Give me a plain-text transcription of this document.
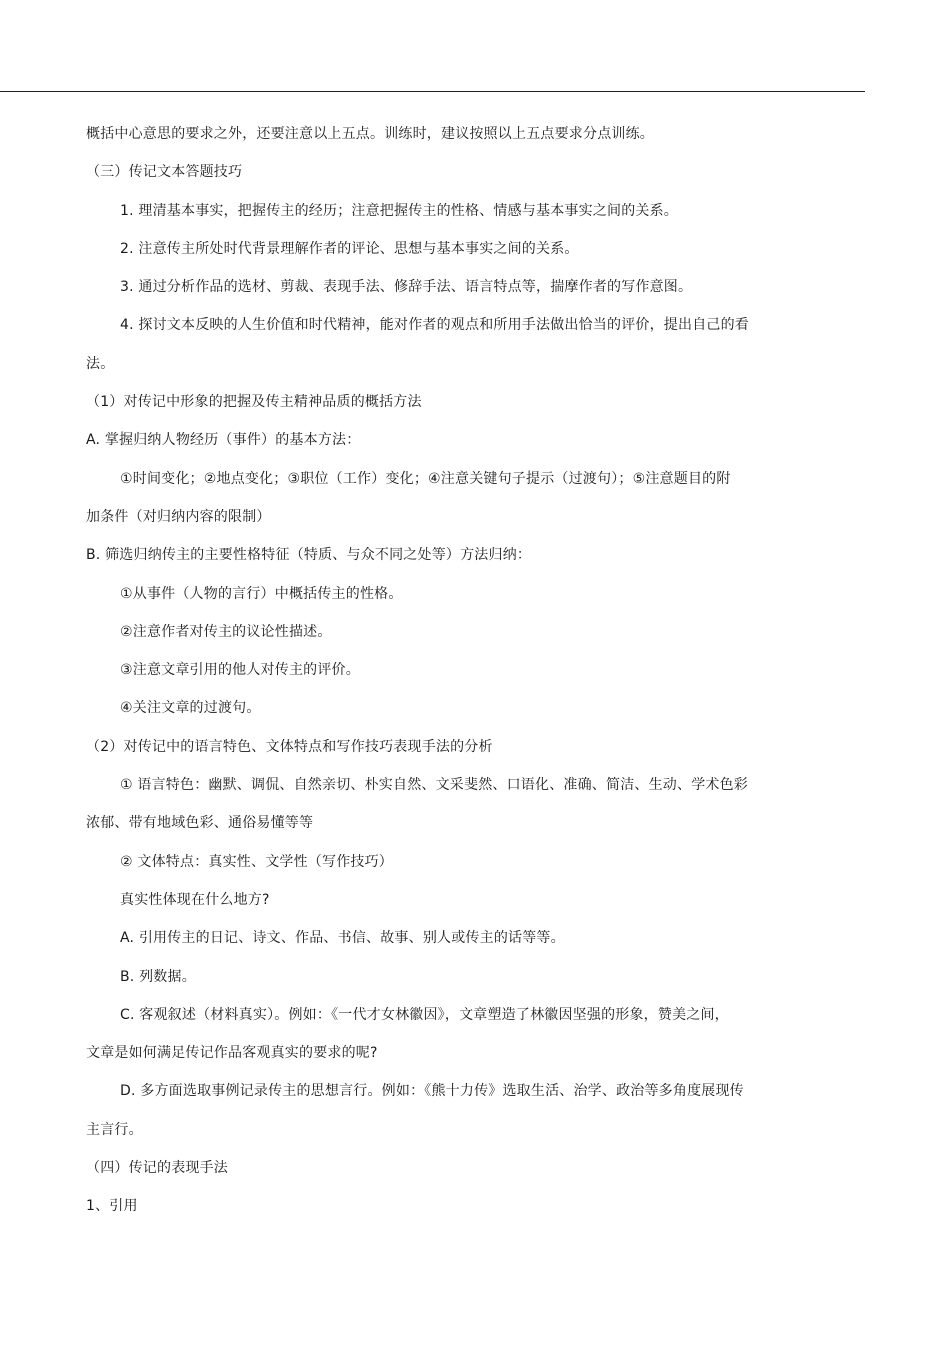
概括中心意思的要求之外，还要注意以上五点。训练时，建议按照以上五点要求分点训练。
（三）传记文本答题技巧
1. 理清基本事实，把握传主的经历；注意把握传主的性格、情感与基本事实之间的关系。
2. 注意传主所处时代背景理解作者的评论、思想与基本事实之间的关系。
3. 通过分析作品的选材、剪裁、表现手法、修辞手法、语言特点等，揣摩作者的写作意图。
4. 探讨文本反映的人生价值和时代精神，能对作者的观点和所用手法做出恰当的评价，提出自己的看
法。
（1）对传记中形象的把握及传主精神品质的概括方法
A. 掌握归纳人物经历（事件）的基本方法：
①时间变化；②地点变化；③职位（工作）变化；④注意关键句子提示（过渡句）；⑤注意题目的附
加条件（对归纳内容的限制）
B. 筛选归纳传主的主要性格特征（特质、与众不同之处等）方法归纳：
①从事件（人物的言行）中概括传主的性格。
②注意作者对传主的议论性描述。
③注意文章引用的他人对传主的评价。
④关注文章的过渡句。
（2）对传记中的语言特色、文体特点和写作技巧表现手法的分析
① 语言特色：幽默、调侃、自然亲切、朴实自然、文采斐然、口语化、准确、简洁、生动、学术色彩
浓郁、带有地域色彩、通俗易懂等等
② 文体特点：真实性、文学性（写作技巧）
真实性体现在什么地方?
A. 引用传主的日记、诗文、作品、书信、故事、别人或传主的话等等。
B. 列数据。
C. 客观叙述（材料真实）。例如：《一代才女林徽因》，文章塑造了林徽因坚强的形象，赞美之间，
文章是如何满足传记作品客观真实的要求的呢?
D. 多方面选取事例记录传主的思想言行。例如：《熊十力传》选取生活、治学、政治等多角度展现传
主言行。
（四）传记的表现手法
1、引用
